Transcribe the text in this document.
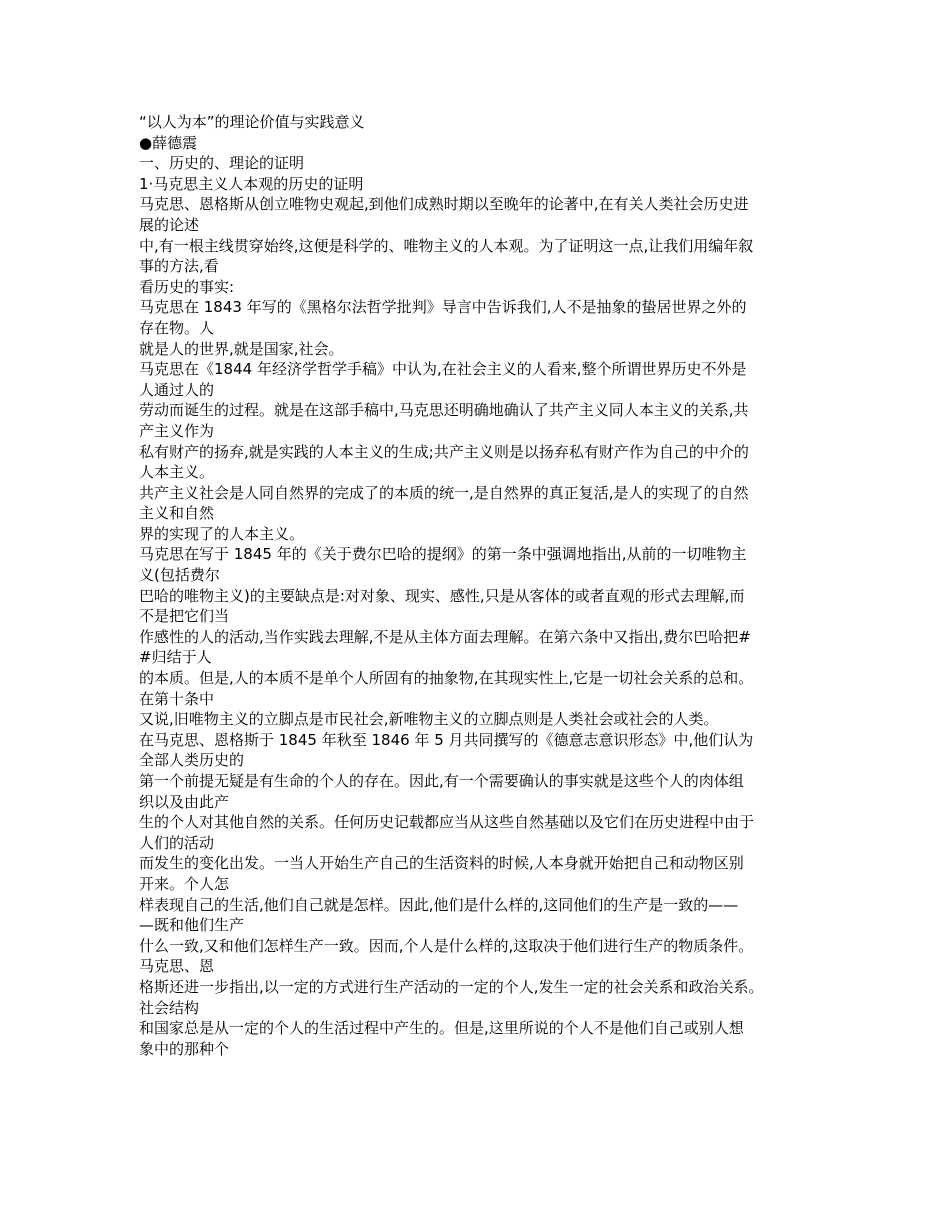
“以人为本”的理论价值与实践意义
●薛德震
一、历史的、理论的证明
1·马克思主义人本观的历史的证明
马克思、恩格斯从创立唯物史观起,到他们成熟时期以至晚年的论著中,在有关人类社会历史进
展的论述
中,有一根主线贯穿始终,这便是科学的、唯物主义的人本观。为了证明这一点,让我们用编年叙
事的方法,看
看历史的事实:
马克思在 1843 年写的《黑格尔法哲学批判》导言中告诉我们,人不是抽象的蛰居世界之外的
存在物。人
就是人的世界,就是国家,社会。
马克思在《1844 年经济学哲学手稿》中认为,在社会主义的人看来,整个所谓世界历史不外是
人通过人的
劳动而诞生的过程。就是在这部手稿中,马克思还明确地确认了共产主义同人本主义的关系,共
产主义作为
私有财产的扬弃,就是实践的人本主义的生成;共产主义则是以扬弃私有财产作为自己的中介的
人本主义。
共产主义社会是人同自然界的完成了的本质的统一,是自然界的真正复活,是人的实现了的自然
主义和自然
界的实现了的人本主义。
马克思在写于 1845 年的《关于费尔巴哈的提纲》的第一条中强调地指出,从前的一切唯物主
义(包括费尔
巴哈的唯物主义)的主要缺点是:对对象、现实、感性,只是从客体的或者直观的形式去理解,而
不是把它们当
作感性的人的活动,当作实践去理解,不是从主体方面去理解。在第六条中又指出,费尔巴哈把#
#归结于人
的本质。但是,人的本质不是单个人所固有的抽象物,在其现实性上,它是一切社会关系的总和。
在第十条中
又说,旧唯物主义的立脚点是市民社会,新唯物主义的立脚点则是人类社会或社会的人类。
在马克思、恩格斯于 1845 年秋至 1846 年 5 月共同撰写的《德意志意识形态》中,他们认为
全部人类历史的
第一个前提无疑是有生命的个人的存在。因此,有一个需要确认的事实就是这些个人的肉体组
织以及由此产
生的个人对其他自然的关系。任何历史记载都应当从这些自然基础以及它们在历史进程中由于
人们的活动
而发生的变化出发。一当人开始生产自己的生活资料的时候,人本身就开始把自己和动物区别
开来。个人怎
样表现自己的生活,他们自己就是怎样。因此,他们是什么样的,这同他们的生产是一致的——
—既和他们生产
什么一致,又和他们怎样生产一致。因而,个人是什么样的,这取决于他们进行生产的物质条件。
马克思、恩
格斯还进一步指出,以一定的方式进行生产活动的一定的个人,发生一定的社会关系和政治关系。
社会结构
和国家总是从一定的个人的生活过程中产生的。但是,这里所说的个人不是他们自己或别人想
象中的那种个
